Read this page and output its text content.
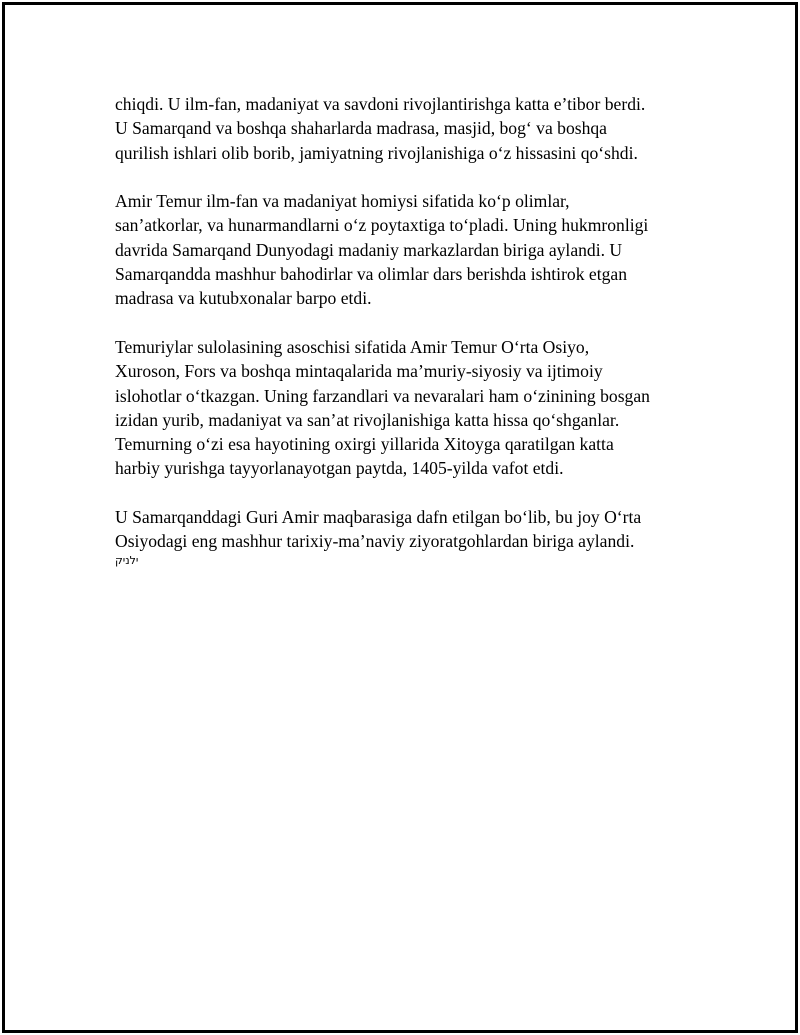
chiqdi. U ilm-fan, madaniyat va savdoni rivojlantirishga katta e’tibor berdi.
U Samarqand va boshqa shaharlarda madrasa, masjid, bog‘ va boshqa
qurilish ishlari olib borib, jamiyatning rivojlanishiga o‘z hissasini qo‘shdi.

Amir Temur ilm-fan va madaniyat homiysi sifatida ko‘p olimlar,
san’atkorlar, va hunarmandlarni o‘z poytaxtiga to‘pladi. Uning hukmronligi
davrida Samarqand Dunyodagi madaniy markazlardan biriga aylandi. U
Samarqandda mashhur bahodirlar va olimlar dars berishda ishtirok etgan
madrasa va kutubxonalar barpo etdi.

Temuriylar sulolasining asoschisi sifatida Amir Temur O‘rta Osiyo,
Xuroson, Fors va boshqa mintaqalarida ma’muriy-siyosiy va ijtimoiy
islohotlar o‘tkazgan. Uning farzandlari va nevaralari ham o‘zinining bosgan
izidan yurib, madaniyat va san’at rivojlanishiga katta hissa qo‘shganlar.
Temurning o‘zi esa hayotining oxirgi yillarida Xitoyga qaratilgan katta
harbiy yurishga tayyorlanayotgan paytda, 1405-yilda vafot etdi.

U Samarqanddagi Guri Amir maqbarasiga dafn etilgan bo‘lib, bu joy O‘rta
Osiyodagi eng mashhur tarixiy-ma’naviy ziyoratgohlardan biriga aylandi.

ילניק
